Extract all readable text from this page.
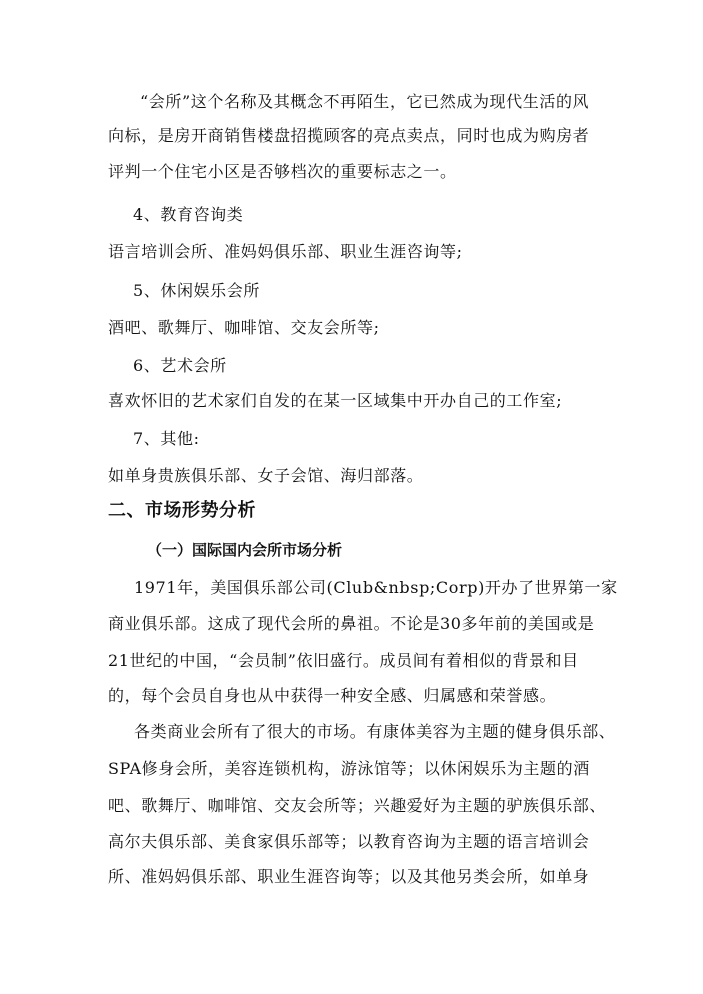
“会所”这个名称及其概念不再陌生，它已然成为现代生活的风
向标，是房开商销售楼盘招揽顾客的亮点卖点，同时也成为购房者
评判一个住宅小区是否够档次的重要标志之一。
4、教育咨询类
语言培训会所、准妈妈俱乐部、职业生涯咨询等;
5、休闲娱乐会所
酒吧、歌舞厅、咖啡馆、交友会所等;
6、艺术会所
喜欢怀旧的艺术家们自发的在某一区域集中开办自己的工作室;
7、其他:
如单身贵族俱乐部、女子会馆、海归部落。
二、市场形势分析
（一）国际国内会所市场分析
1971年，美国俱乐部公司(Club&nbsp;Corp)开办了世界第一家
商业俱乐部。这成了现代会所的鼻祖。不论是30多年前的美国或是
21世纪的中国，“会员制”依旧盛行。成员间有着相似的背景和目
的，每个会员自身也从中获得一种安全感、归属感和荣誉感。
各类商业会所有了很大的市场。有康体美容为主题的健身俱乐部、
SPA修身会所，美容连锁机构，游泳馆等；以休闲娱乐为主题的酒
吧、歌舞厅、咖啡馆、交友会所等；兴趣爱好为主题的驴族俱乐部、
高尔夫俱乐部、美食家俱乐部等；以教育咨询为主题的语言培训会
所、准妈妈俱乐部、职业生涯咨询等；以及其他另类会所，如单身
